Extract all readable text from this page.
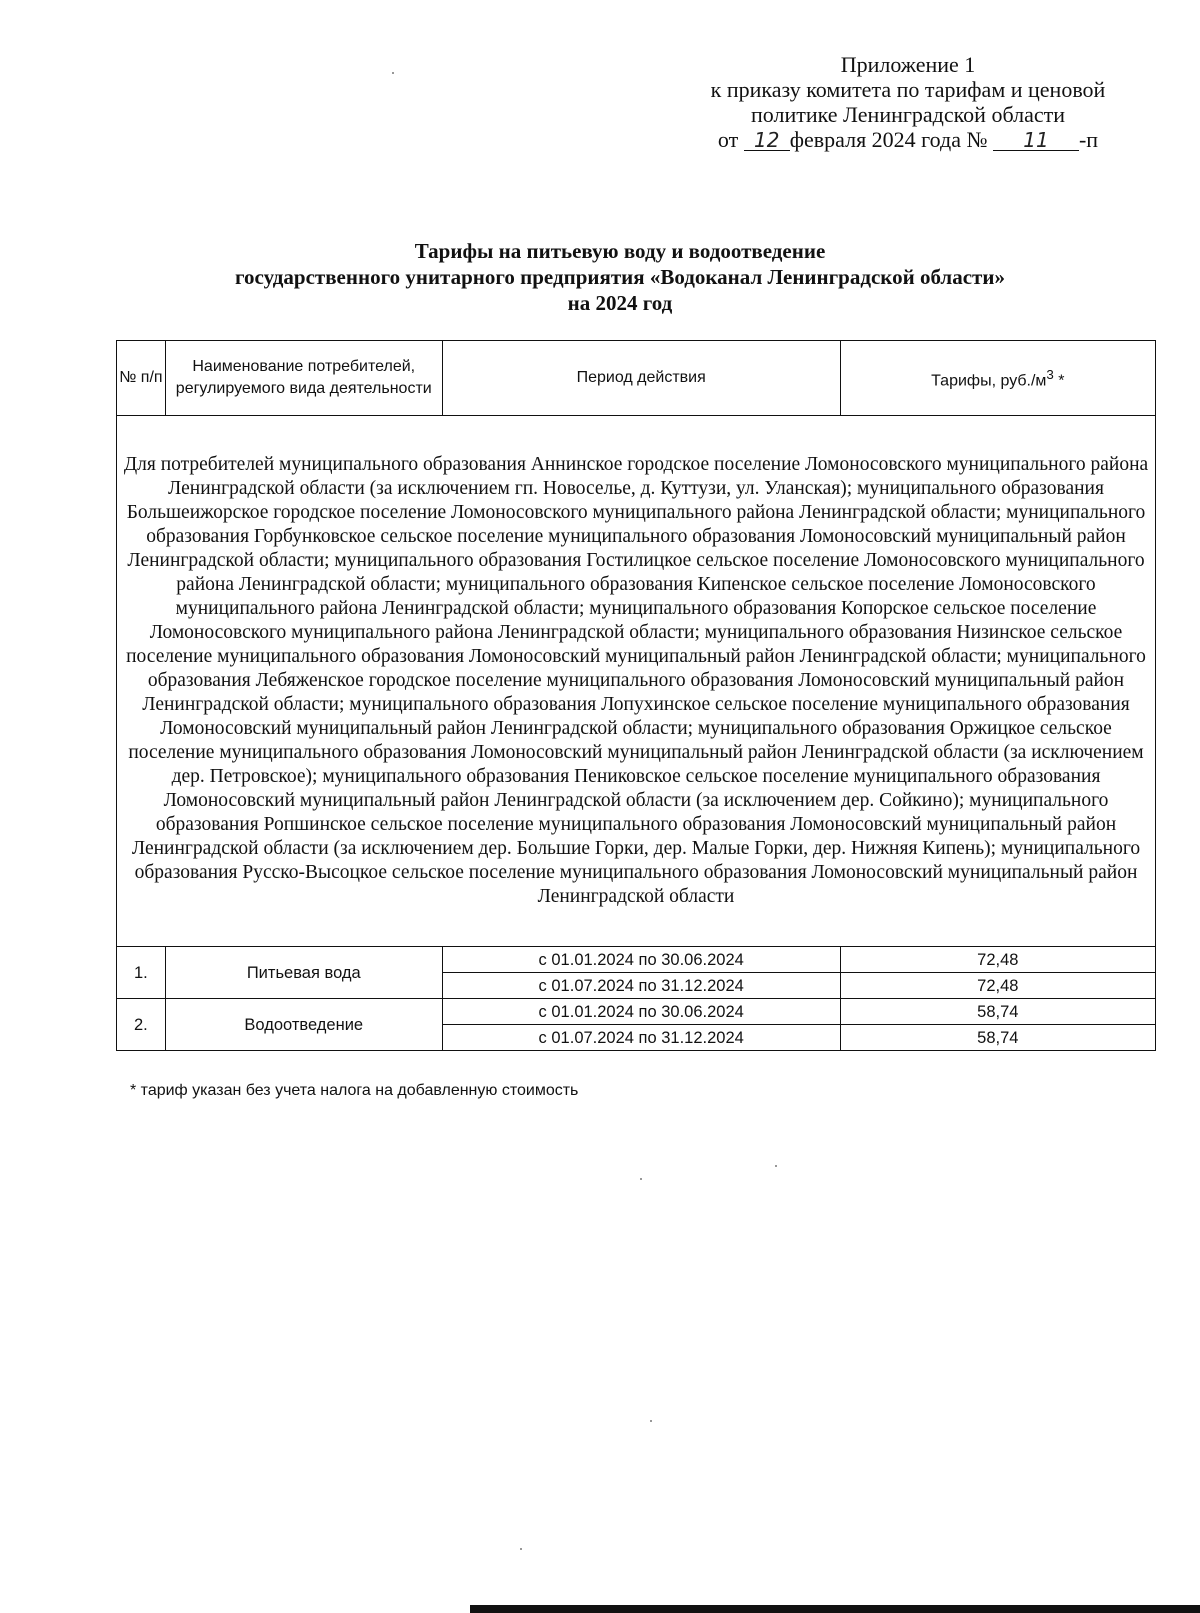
Приложение 1
к приказу комитета по тарифам и ценовой
политике Ленинградской области
от 12 февраля 2024 года № 11 -п
Тарифы на питьевую воду и водоотведение
государственного унитарного предприятия «Водоканал Ленинградской области»
на 2024 год
№ п/п	Наименование потребителей, регулируемого вида деятельности	Период действия	Тарифы, $руб./м^3$ *
Для потребителей муниципального образования Аннинское городское поселение Ломоносовского муниципального района Ленинградской области (за исключением гп. Новоселье, д. Куттузи, ул. Уланская); муниципального образования Большеижорское городское поселение Ломоносовского муниципального района Ленинградской области; муниципального образования Горбунковское сельское поселение муниципального образования Ломоносовский муниципальный район Ленинградской области; муниципального образования Гостилицкое сельское поселение Ломоносовского муниципального района Ленинградской области; муниципального образования Кипенское сельское поселение Ломоносовского муниципального района Ленинградской области; муниципального образования Копорское сельское поселение Ломоносовского муниципального района Ленинградской области; муниципального образования Низинское сельское поселение муниципального образования Ломоносовский муниципальный район Ленинградской области; муниципального образования Лебяженское городское поселение муниципального образования Ломоносовский муниципальный район Ленинградской области; муниципального образования Лопухинское сельское поселение муниципального образования Ломоносовский муниципальный район Ленинградской области; муниципального образования Оржицкое сельское поселение муниципального образования Ломоносовский муниципальный район Ленинградской области (за исключением дер. Петровское); муниципального образования Пениковское сельское поселение муниципального образования Ломоносовский муниципальный район Ленинградской области (за исключением дер. Сойкино); муниципального образования Ропшинское сельское поселение муниципального образования Ломоносовский муниципальный район Ленинградской области (за исключением дер. Большие Горки, дер. Малые Горки, дер. Нижняя Кипень); муниципального образования Русско-Высоцкое сельское поселение муниципального образования Ломоносовский муниципальный район Ленинградской области			
1.	Питьевая вода	с 01.01.2024 по 30.06.2024	72,48
		с 01.07.2024 по 31.12.2024	72,48
2.	Водоотведение	с 01.01.2024 по 30.06.2024	58,74
		с 01.07.2024 по 31.12.2024	58,74
* тариф указан без учета налога на добавленную стоимость
